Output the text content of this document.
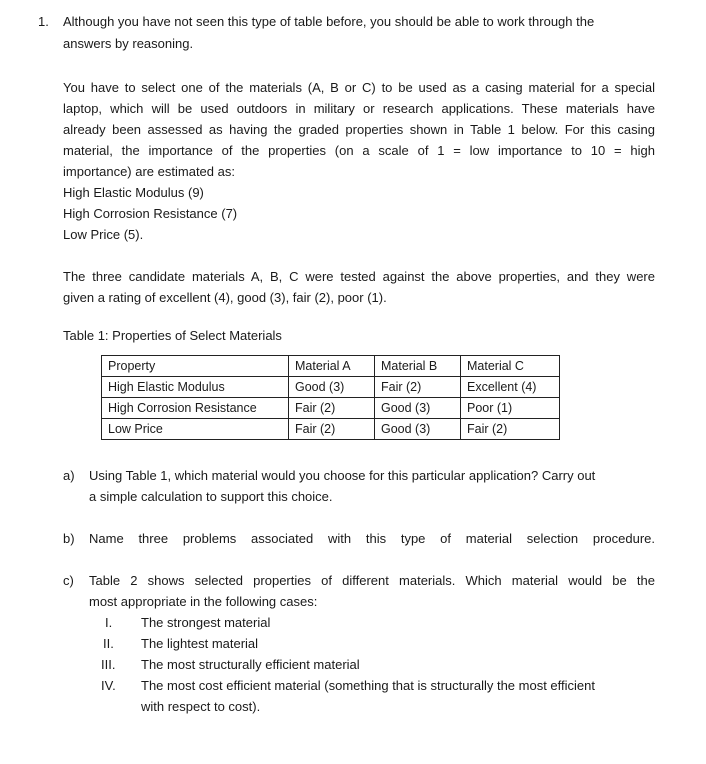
1. Although you have not seen this type of table before, you should be able to work through the
answers by reasoning.
You have to select one of the materials (A, B or C) to be used as a casing material for a special
laptop, which will be used outdoors in military or research applications. These materials have
already been assessed as having the graded properties shown in Table 1 below. For this casing
material, the importance of the properties (on a scale of 1 = low importance to 10 = high
importance) are estimated as:
High Elastic Modulus (9)
High Corrosion Resistance (7)
Low Price (5).
The three candidate materials A, B, C were tested against the above properties, and they were
given a rating of excellent (4), good (3), fair (2), poor (1).
Table 1: Properties of Select Materials
Property	Material A	Material B	Material C
High Elastic Modulus	Good (3)	Fair (2)	Excellent (4)
High Corrosion Resistance	Fair (2)	Good (3)	Poor (1)
Low Price	Fair (2)	Good (3)	Fair (2)
a) Using Table 1, which material would you choose for this particular application? Carry out
a simple calculation to support this choice.
b) Name three problems associated with this type of material selection procedure.
c) Table 2 shows selected properties of different materials. Which material would be the
most appropriate in the following cases:
I. The strongest material
II. The lightest material
III. The most structurally efficient material
IV. The most cost efficient material (something that is structurally the most efficient
with respect to cost).
